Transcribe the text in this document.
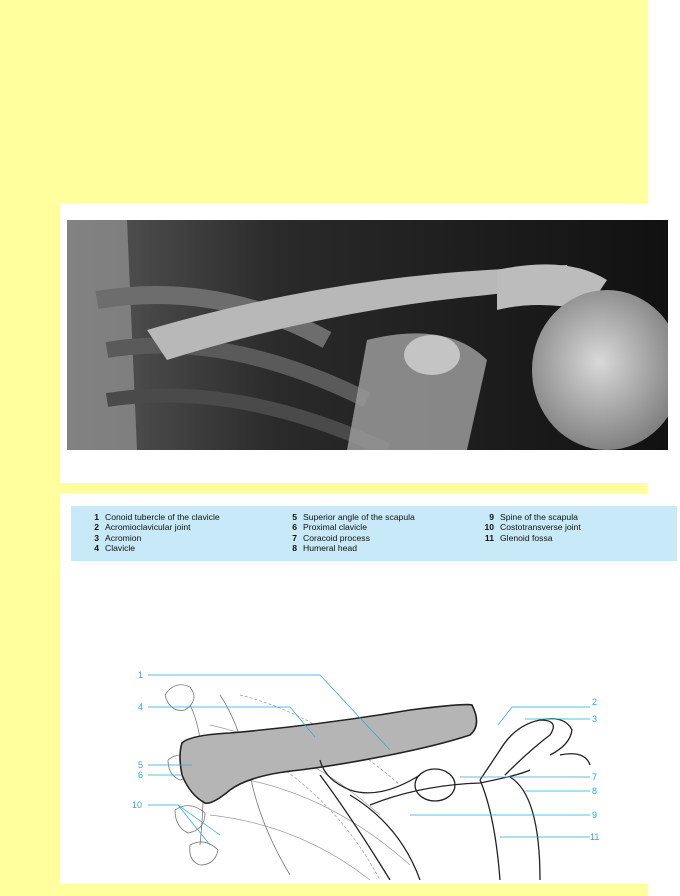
1 Conoid tubercle of the clavicle
2 Acromioclavicular joint
3 Acromion
4 Clavicle
5 Superior angle of the scapula
6 Proximal clavicle
7 Coracoid process
8 Humeral head
9 Spine of the scapula
10 Costotransverse joint
11 Glenoid fossa
1
2
3
4
5
6	7
8
9
10
11
